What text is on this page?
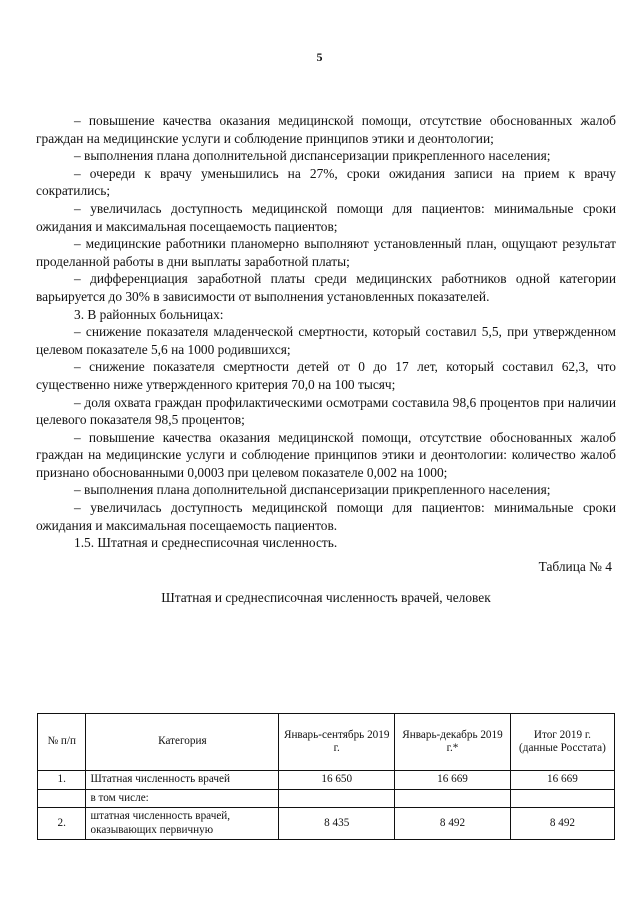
5

– повышение качества оказания медицинской помощи, отсутствие обоснованных жалоб граждан на медицинские услуги и соблюдение принципов этики и деонтологии;

– выполнения плана дополнительной диспансеризации прикрепленного населения;

– очереди к врачу уменьшились на 27%, сроки ожидания записи на прием к врачу сократились;

– увеличилась доступность медицинской помощи для пациентов: минимальные сроки ожидания и максимальная посещаемость пациентов;

– медицинские работники планомерно выполняют установленный план, ощущают результат проделанной работы в дни выплаты заработной платы;

– дифференциация заработной платы среди медицинских работников одной категории варьируется до 30% в зависимости от выполнения установленных показателей.

3. В районных больницах:

– снижение показателя младенческой смертности, который составил 5,5, при утвержденном целевом показателе 5,6 на 1000 родившихся;

– снижение показателя смертности детей от 0 до 17 лет, который составил 62,3, что существенно ниже утвержденного критерия 70,0 на 100 тысяч;

– доля охвата граждан профилактическими осмотрами составила 98,6 процентов при наличии целевого показателя 98,5 процентов;

– повышение качества оказания медицинской помощи, отсутствие обоснованных жалоб граждан на медицинские услуги и соблюдение принципов этики и деонтологии: количество жалоб признано обоснованными 0,0003 при целевом показателе 0,002 на 1000;

– выполнения плана дополнительной диспансеризации прикрепленного населения;

– увеличилась доступность медицинской помощи для пациентов: минимальные сроки ожидания и максимальная посещаемость пациентов.

1.5. Штатная и среднесписочная численность.

Таблица № 4

Штатная и среднесписочная численность врачей, человек

№ п/п	Категория	Январь-сентябрь 2019 г.	Январь-декабрь 2019 г.*	Итог 2019 г. (данные Росстата)
1.	Штатная численность врачей	16 650	16 669	16 669
	в том числе:			
2.	штатная численность врачей, оказывающих первичную	8 435	8 492	8 492
